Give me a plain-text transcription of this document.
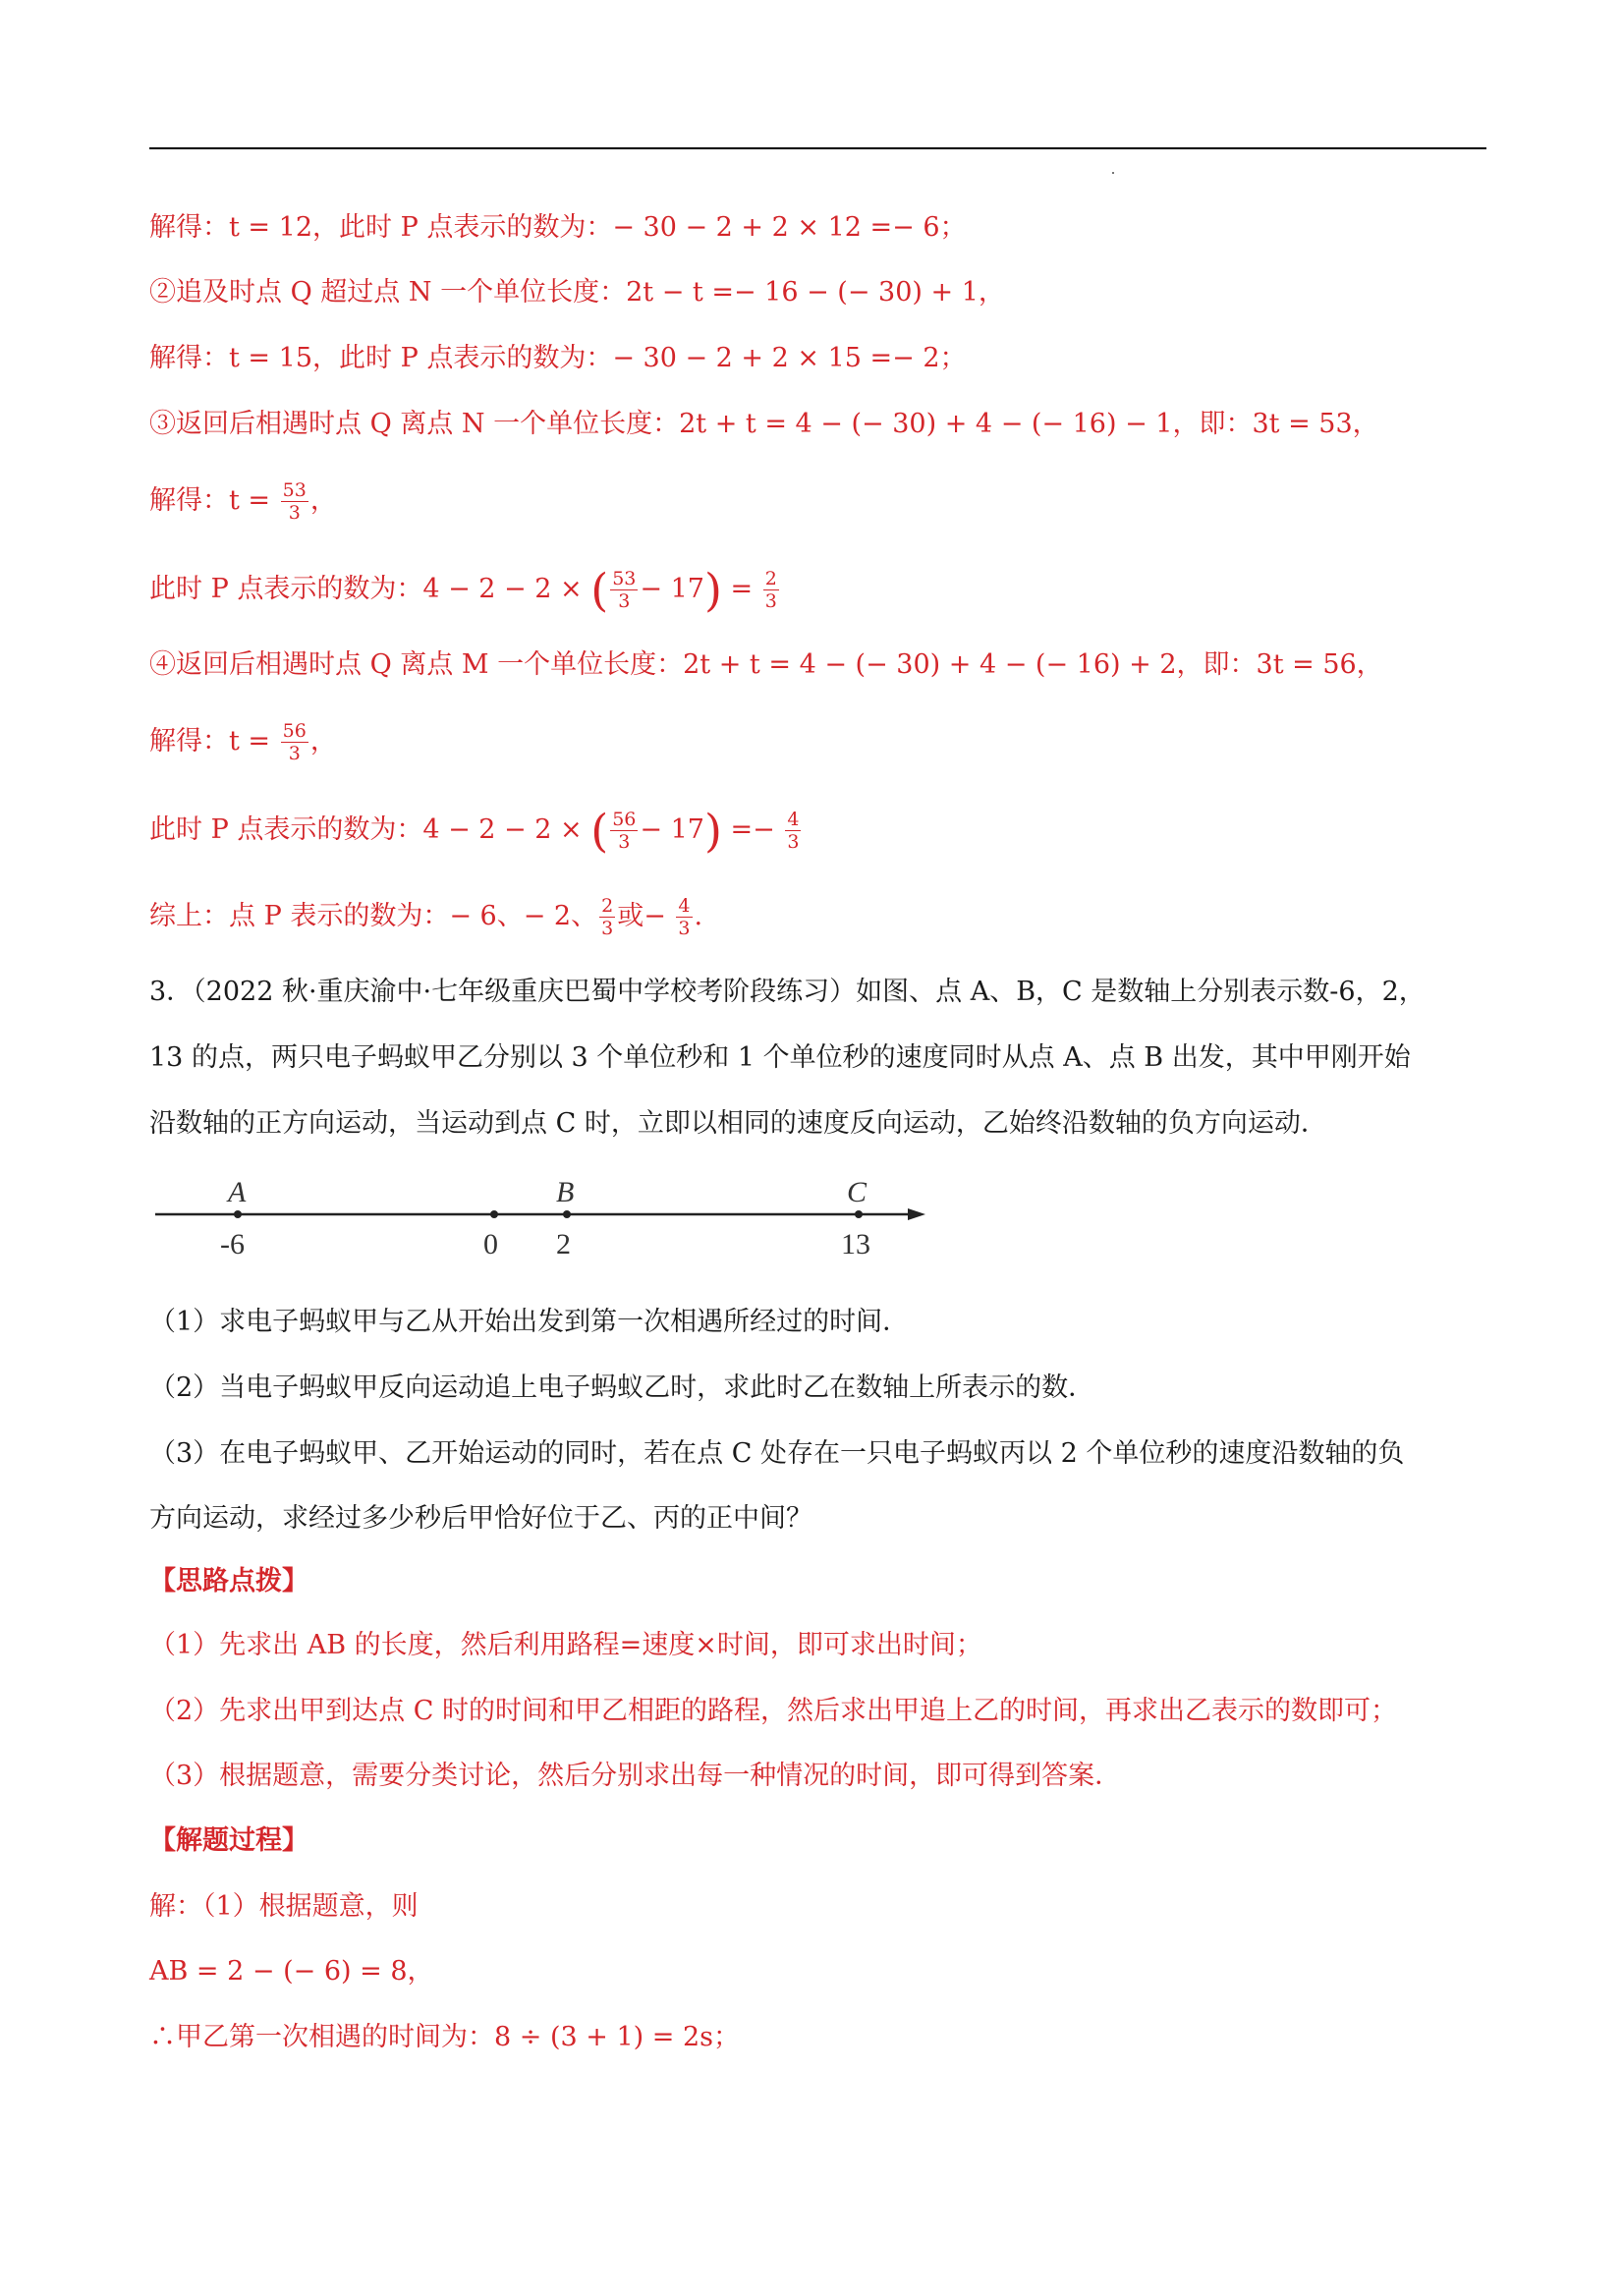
解得：t = 12，此时 P 点表示的数为：− 30 − 2 + 2 × 12 =− 6；
②追及时点 Q 超过点 N 一个单位长度：2t − t =− 16 − (− 30) + 1，
解得：t = 15，此时 P 点表示的数为：− 30 − 2 + 2 × 15 =− 2；
③返回后相遇时点 Q 离点 N 一个单位长度：2t + t = 4 − (− 30) + 4 − (− 16) − 1，即：3t = 53，
解得：$t = \frac{53}{3}$ ，
此时 P 点表示的数为：4 − 2 − 2 × ( $\frac{53}{3} - 17) = \frac{2}{3}$
④返回后相遇时点 Q 离点 M 一个单位长度：2t + t = 4 − (− 30) + 4 − (− 16) + 2，即：3t = 56，
解得：$t = \frac{56}{3}$ ，
此时 P 点表示的数为：4 − 2 − 2 × ( $\frac{56}{3} - 17) =- \frac{4}{3}$
综上：点 P 表示的数为：− 6、− 2、 $\frac{2}{3}$ 或− $\frac{4}{3}$ .
3．（2022 秋·重庆渝中·七年级重庆巴蜀中学校考阶段练习）如图、点 A、B，C 是数轴上分别表示数-6，2，
13 的点，两只电子蚂蚁甲乙分别以 3 个单位秒和 1 个单位秒的速度同时从点 A、点 B 出发，其中甲刚开始
沿数轴的正方向运动，当运动到点 C 时，立即以相同的速度反向运动，乙始终沿数轴的负方向运动．
A
-6	0
B
2
C
13
（1）求电子蚂蚁甲与乙从开始出发到第一次相遇所经过的时间．
（2）当电子蚂蚁甲反向运动追上电子蚂蚁乙时，求此时乙在数轴上所表示的数．
（3）在电子蚂蚁甲、乙开始运动的同时，若在点 C 处存在一只电子蚂蚁丙以 2 个单位秒的速度沿数轴的负
方向运动，求经过多少秒后甲恰好位于乙、丙的正中间？
【思路点拨】
（1）先求出 AB 的长度，然后利用路程=速度×时间，即可求出时间；
（2）先求出甲到达点 C 时的时间和甲乙相距的路程，然后求出甲追上乙的时间，再求出乙表示的数即可；
（3）根据题意，需要分类讨论，然后分别求出每一种情况的时间，即可得到答案．
【解题过程】
解：（1）根据题意，则
AB = 2 − (− 6) = 8，
∴甲乙第一次相遇的时间为：8 ÷ (3 + 1) = 2s；
